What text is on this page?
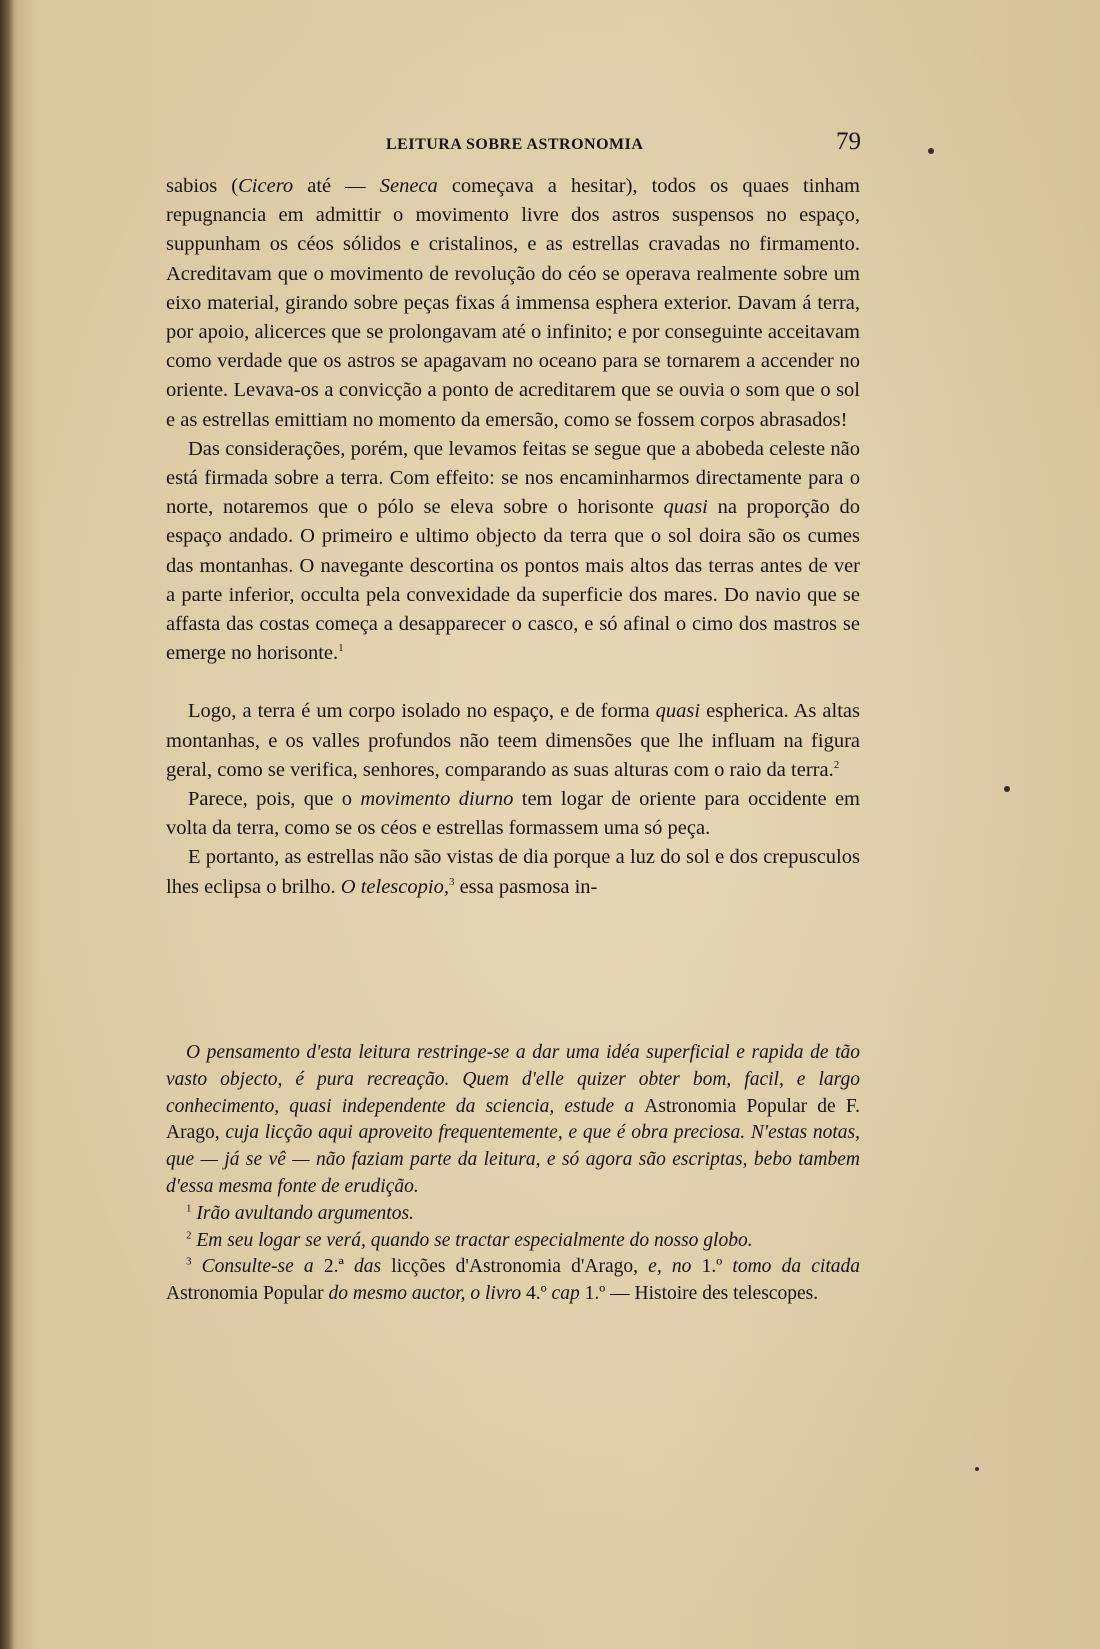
LEITURA SOBRE ASTRONOMIA	79

sabios (Cicero até — Seneca começava a hesitar), todos os quaes tinham repugnancia em admittir o movimento livre dos astros suspensos no espaço, suppunham os céos sólidos e cristalinos, e as estrellas cravadas no firmamento. Acreditavam que o movimento de revolução do céo se operava realmente sobre um eixo material, girando sobre peças fixas á immensa esphera exterior. Davam á terra, por apoio, alicerces que se prolongavam até o infinito; e por conseguinte acceitavam como verdade que os astros se apagavam no oceano para se tornarem a accender no oriente. Levava-os a convicção a ponto de acreditarem que se ouvia o som que o sol e as estrellas emittiam no momento da emersão, como se fossem corpos abrasados!

Das considerações, porém, que levamos feitas se segue que a abobeda celeste não está firmada sobre a terra. Com effeito: se nos encaminharmos directamente para o norte, notaremos que o pólo se eleva sobre o horisonte quasi na proporção do espaço andado. O primeiro e ultimo objecto da terra que o sol doira são os cumes das montanhas. O navegante descortina os pontos mais altos das terras antes de ver a parte inferior, occulta pela convexidade da superficie dos mares. Do navio que se affasta das costas começa a desapparecer o casco, e só afinal o cimo dos mastros se emerge no horisonte.$^1$

Logo, a terra é um corpo isolado no espaço, e de forma quasi espherica. As altas montanhas, e os valles profundos não teem dimensões que lhe influam na figura geral, como se verifica, senhores, comparando as suas alturas com o raio da terra.$^2$

Parece, pois, que o movimento diurno tem logar de oriente para occidente em volta da terra, como se os céos e estrellas formassem uma só peça.

E portanto, as estrellas não são vistas de dia porque a luz do sol e dos crepusculos lhes eclipsa o brilho. O telescopio,$^3$ essa pasmosa in-

O pensamento d'esta leitura restringe-se a dar uma idéa superficial e rapida de tão vasto objecto, é pura recreação. Quem d'elle quizer obter bom, facil, e largo conhecimento, quasi independente da sciencia, estude a Astronomia Popular de F. Arago, cuja licção aqui aproveito frequentemente, e que é obra preciosa. N'estas notas, que — já se vê — não faziam parte da leitura, e só agora são escriptas, bebo tambem d'essa mesma fonte de erudição.

$^1$ Irão avultando argumentos.

$^2$ Em seu logar se verá, quando se tractar especialmente do nosso globo.

$^3$ Consulte-se a 2.ª das licções d'Astronomia d'Arago, e, no 1.º tomo da citada Astronomia Popular do mesmo auctor, o livro 4.º cap 1.º — Histoire des telescopes.
